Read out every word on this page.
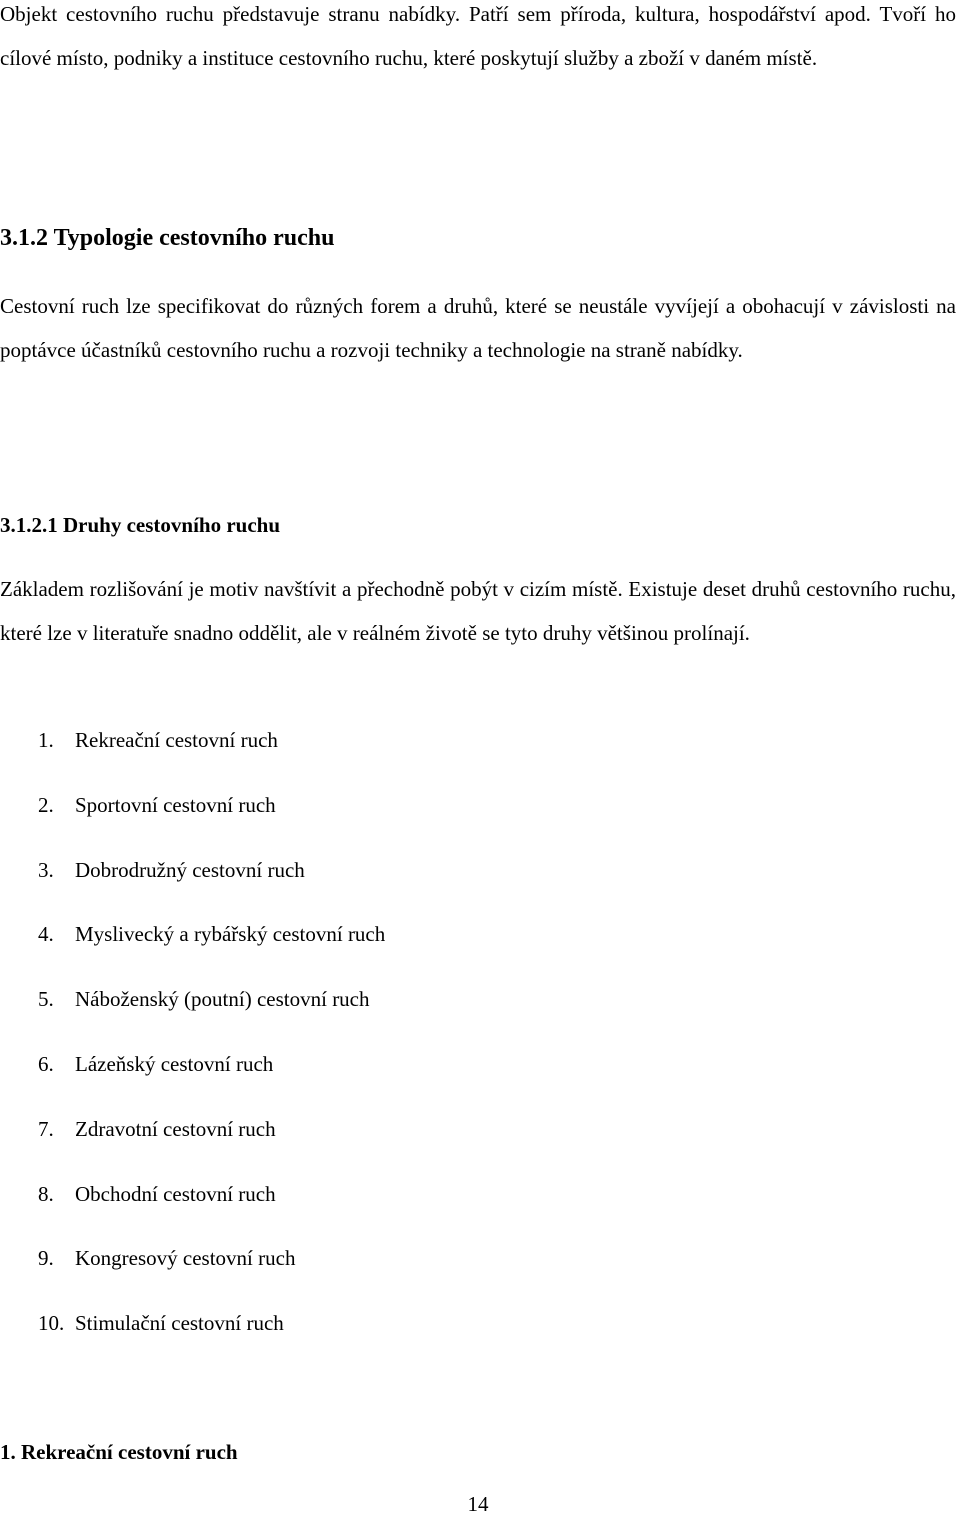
Objekt cestovního ruchu představuje stranu nabídky. Patří sem příroda, kultura, hospodářství apod. Tvoří ho cílové místo, podniky a instituce cestovního ruchu, které poskytují služby a zboží v daném místě.

3.1.2 Typologie cestovního ruchu

Cestovní ruch lze specifikovat do různých forem a druhů, které se neustále vyvíjejí a obohacují v závislosti na poptávce účastníků cestovního ruchu a rozvoji techniky a technologie na straně nabídky.

3.1.2.1 Druhy cestovního ruchu

Základem rozlišování je motiv navštívit a přechodně pobýt v cizím místě. Existuje deset druhů cestovního ruchu, které lze v literatuře snadno oddělit, ale v reálném životě se tyto druhy většinou prolínají.

1. Rekreační cestovní ruch
2. Sportovní cestovní ruch
3. Dobrodružný cestovní ruch
4. Myslivecký a rybářský cestovní ruch
5. Náboženský (poutní) cestovní ruch
6. Lázeňský cestovní ruch
7. Zdravotní cestovní ruch
8. Obchodní cestovní ruch
9. Kongresový cestovní ruch
10. Stimulační cestovní ruch
1. Rekreační cestovní ruch

14
